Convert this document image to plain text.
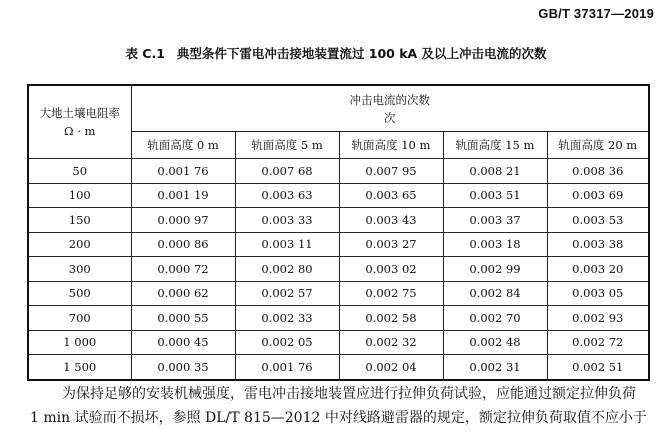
GB/T 37317—2019
表 C.1 典型条件下雷电冲击接地装置流过 100 kA 及以上冲击电流的次数
大地土壤电阻率
Ω · m	冲击电流的次数
次				

	轨面高度 0 m	轨面高度 5 m	轨面高度 10 m	轨面高度 15 m	轨面高度 20 m
50	0.001 76	0.007 68	0.007 95	0.008 21	0.008 36
100	0.001 19	0.003 63	0.003 65	0.003 51	0.003 69
150	0.000 97	0.003 33	0.003 43	0.003 37	0.003 53
200	0.000 86	0.003 11	0.003 27	0.003 18	0.003 38
300	0.000 72	0.002 80	0.003 02	0.002 99	0.003 20
500	0.000 62	0.002 57	0.002 75	0.002 84	0.003 05
700	0.000 55	0.002 33	0.002 58	0.002 70	0.002 93
1 000	0.000 45	0.002 05	0.002 32	0.002 48	0.002 72
1 500	0.000 35	0.001 76	0.002 04	0.002 31	0.002 51
为保持足够的安装机械强度，雷电冲击接地装置应进行拉伸负荷试验，应能通过额定拉伸负荷
1 min 试验而不损坏，参照 DL/T 815—2012 中对线路避雷器的规定，额定拉伸负荷取值不应小于
